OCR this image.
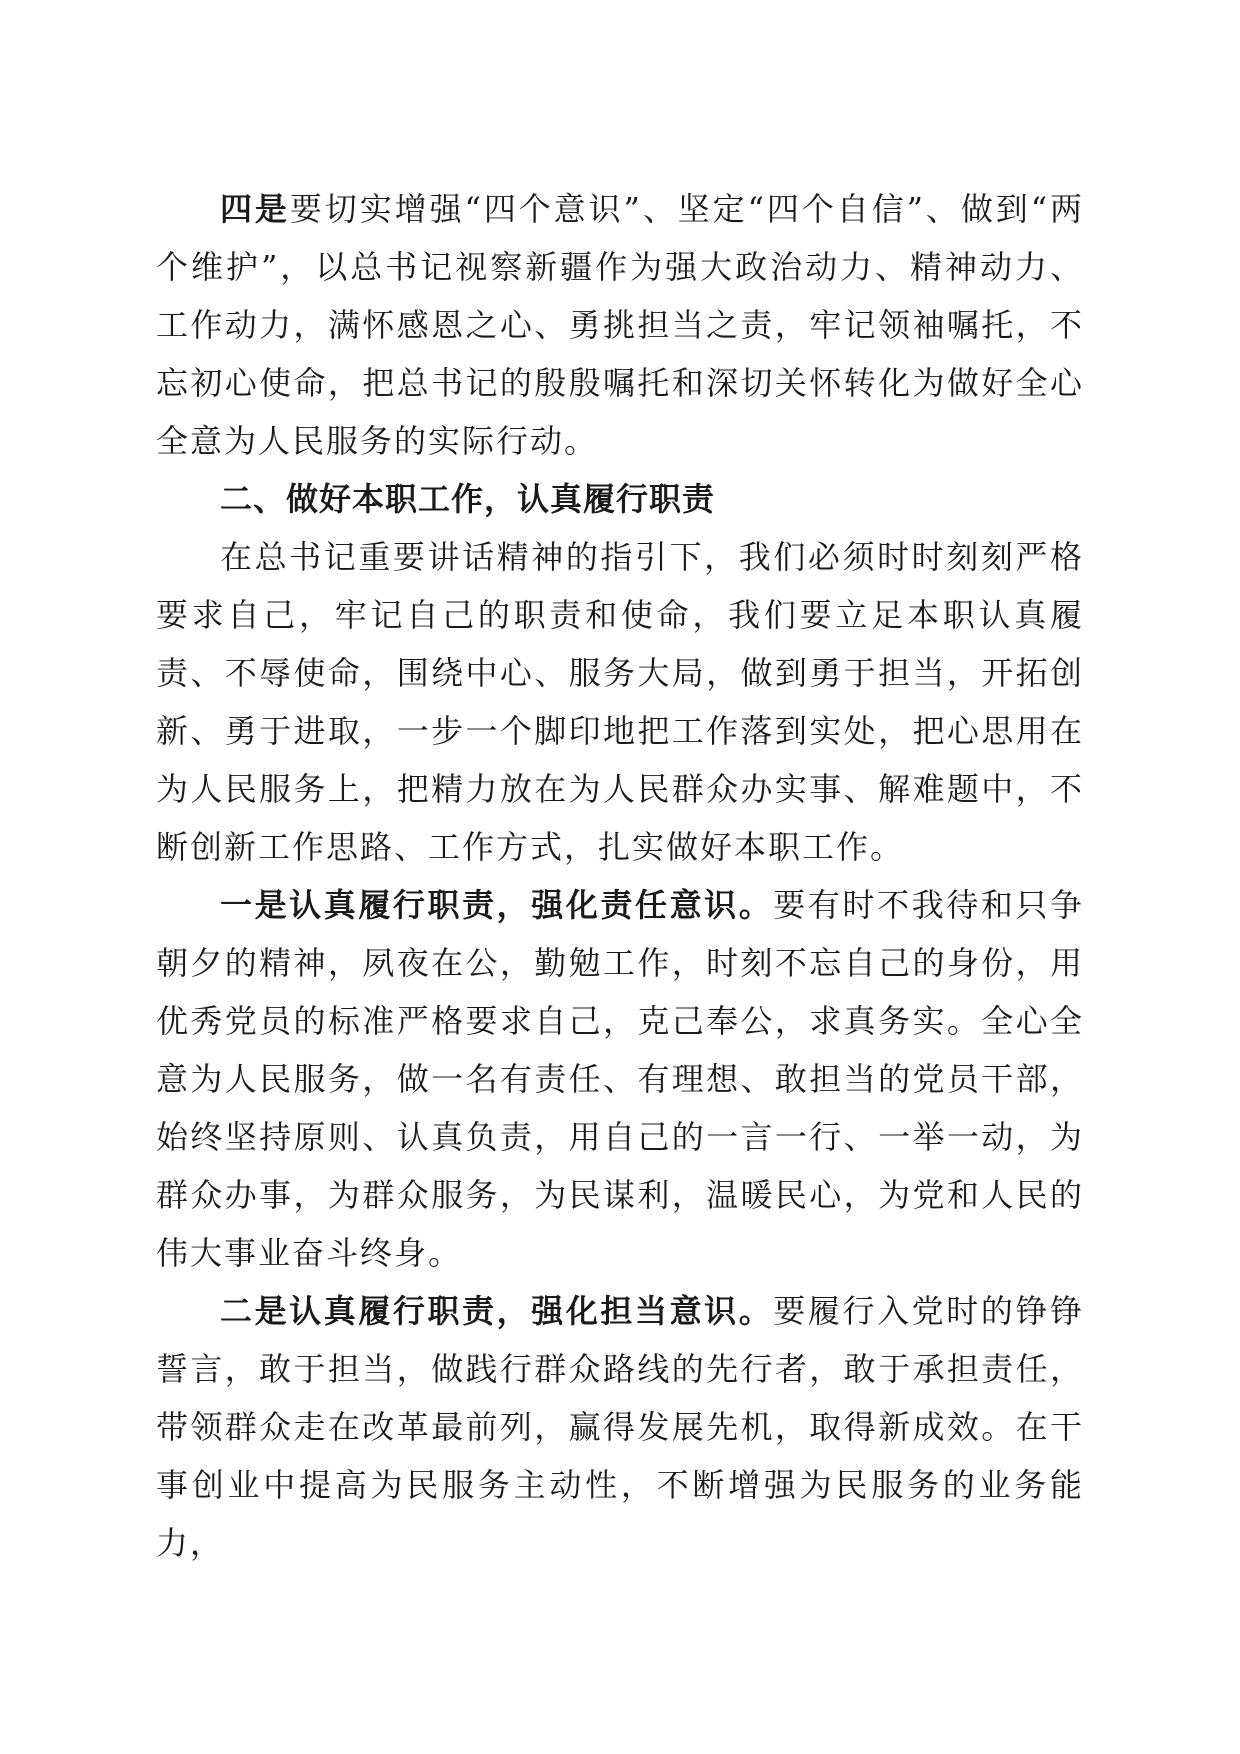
四是要切实增强“四个意识”、坚定“四个自信”、做到“两个维护”，以总书记视察新疆作为强大政治动力、精神动力、工作动力，满怀感恩之心、勇挑担当之责，牢记领袖嘱托，不忘初心使命，把总书记的殷殷嘱托和深切关怀转化为做好全心全意为人民服务的实际行动。

二、做好本职工作，认真履行职责

在总书记重要讲话精神的指引下，我们必须时时刻刻严格要求自己，牢记自己的职责和使命，我们要立足本职认真履责、不辱使命，围绕中心、服务大局，做到勇于担当，开拓创新、勇于进取，一步一个脚印地把工作落到实处，把心思用在为人民服务上，把精力放在为人民群众办实事、解难题中，不断创新工作思路、工作方式，扎实做好本职工作。

一是认真履行职责，强化责任意识。要有时不我待和只争朝夕的精神，夙夜在公，勤勉工作，时刻不忘自己的身份，用优秀党员的标准严格要求自己，克己奉公，求真务实。全心全意为人民服务，做一名有责任、有理想、敢担当的党员干部，始终坚持原则、认真负责，用自己的一言一行、一举一动，为群众办事，为群众服务，为民谋利，温暖民心，为党和人民的伟大事业奋斗终身。

二是认真履行职责，强化担当意识。要履行入党时的铮铮誓言，敢于担当，做践行群众路线的先行者，敢于承担责任，带领群众走在改革最前列，赢得发展先机，取得新成效。在干事创业中提高为民服务主动性，不断增强为民服务的业务能力，
